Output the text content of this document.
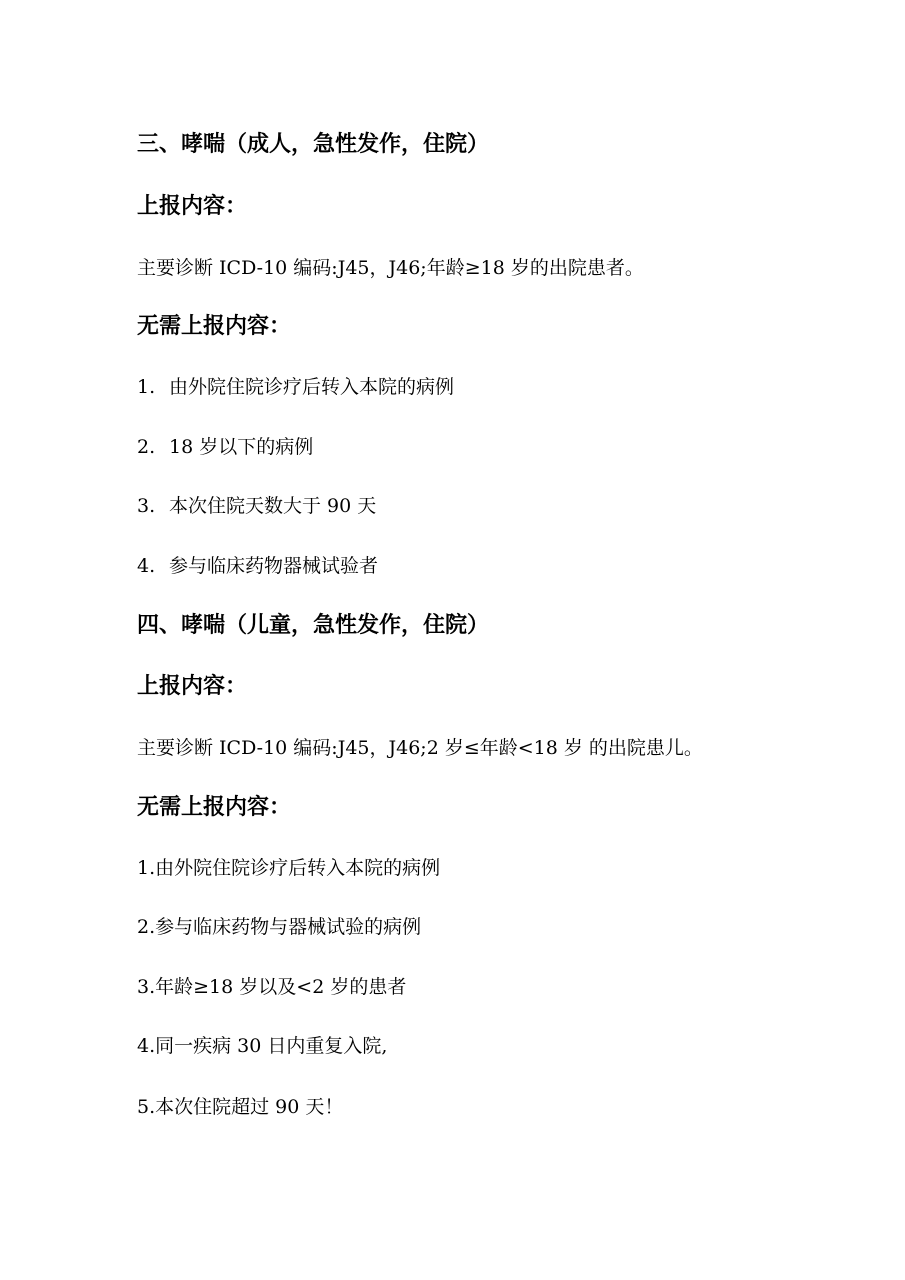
三、哮喘（成人，急性发作，住院）
上报内容：
主要诊断 ICD-10 编码:J45，J46;年龄≥18 岁的出院患者。
无需上报内容：
1. 由外院住院诊疗后转入本院的病例
2. 18 岁以下的病例
3. 本次住院天数大于 90 天
4. 参与临床药物器械试验者
四、哮喘（儿童，急性发作，住院）
上报内容：
主要诊断 ICD-10 编码:J45，J46;2 岁≤年龄<18 岁 的出院患儿。
无需上报内容：
1.由外院住院诊疗后转入本院的病例
2.参与临床药物与器械试验的病例
3.年龄≥18 岁以及<2 岁的患者
4.同一疾病 30 日内重复入院,
5.本次住院超过 90 天！
